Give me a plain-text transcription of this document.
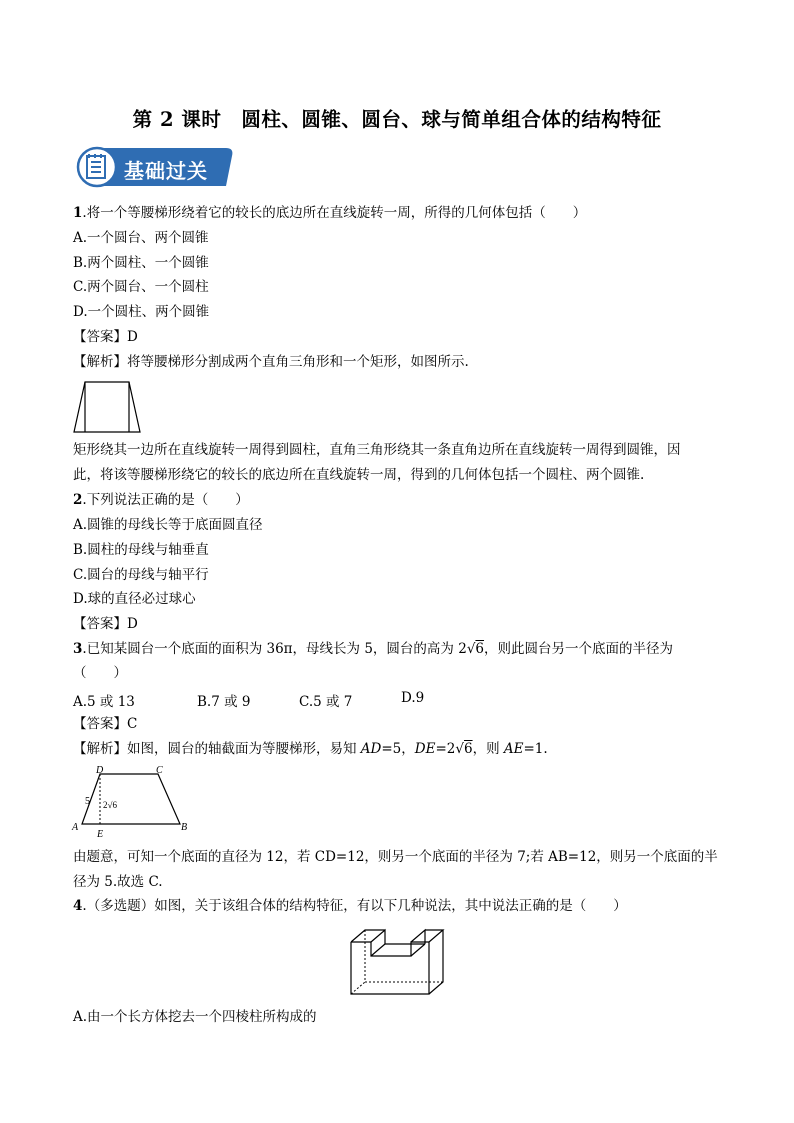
第 2 课时　圆柱、圆锥、圆台、球与简单组合体的结构特征
基础过关
1.将一个等腰梯形绕着它的较长的底边所在直线旋转一周，所得的几何体包括（　　）
A.一个圆台、两个圆锥
B.两个圆柱、一个圆锥
C.两个圆台、一个圆柱
D.一个圆柱、两个圆锥
【答案】D
【解析】将等腰梯形分割成两个直角三角形和一个矩形，如图所示.
矩形绕其一边所在直线旋转一周得到圆柱，直角三角形绕其一条直角边所在直线旋转一周得到圆锥，因
此，将该等腰梯形绕它的较长的底边所在直线旋转一周，得到的几何体包括一个圆柱、两个圆锥.
2.下列说法正确的是（　　）
A.圆锥的母线长等于底面圆直径
B.圆柱的母线与轴垂直
C.圆台的母线与轴平行
D.球的直径必过球心
【答案】D
3.已知某圆台一个底面的面积为 36π，母线长为 5，圆台的高为 2√6，则此圆台另一个底面的半径为
（　　）
A.5 或 13	B.7 或 9	C.5 或 7	D.9
【答案】C
【解析】如图，圆台的轴截面为等腰梯形，易知 AD=5，DE=2√6，则 AE=1.
D	C
A
E
B
5 2√6
由题意，可知一个底面的直径为 12，若 CD=12，则另一个底面的半径为 7;若 AB=12，则另一个底面的半
径为 5.故选 C.
4.（多选题）如图，关于该组合体的结构特征，有以下几种说法，其中说法正确的是（　　）
A.由一个长方体挖去一个四棱柱所构成的
